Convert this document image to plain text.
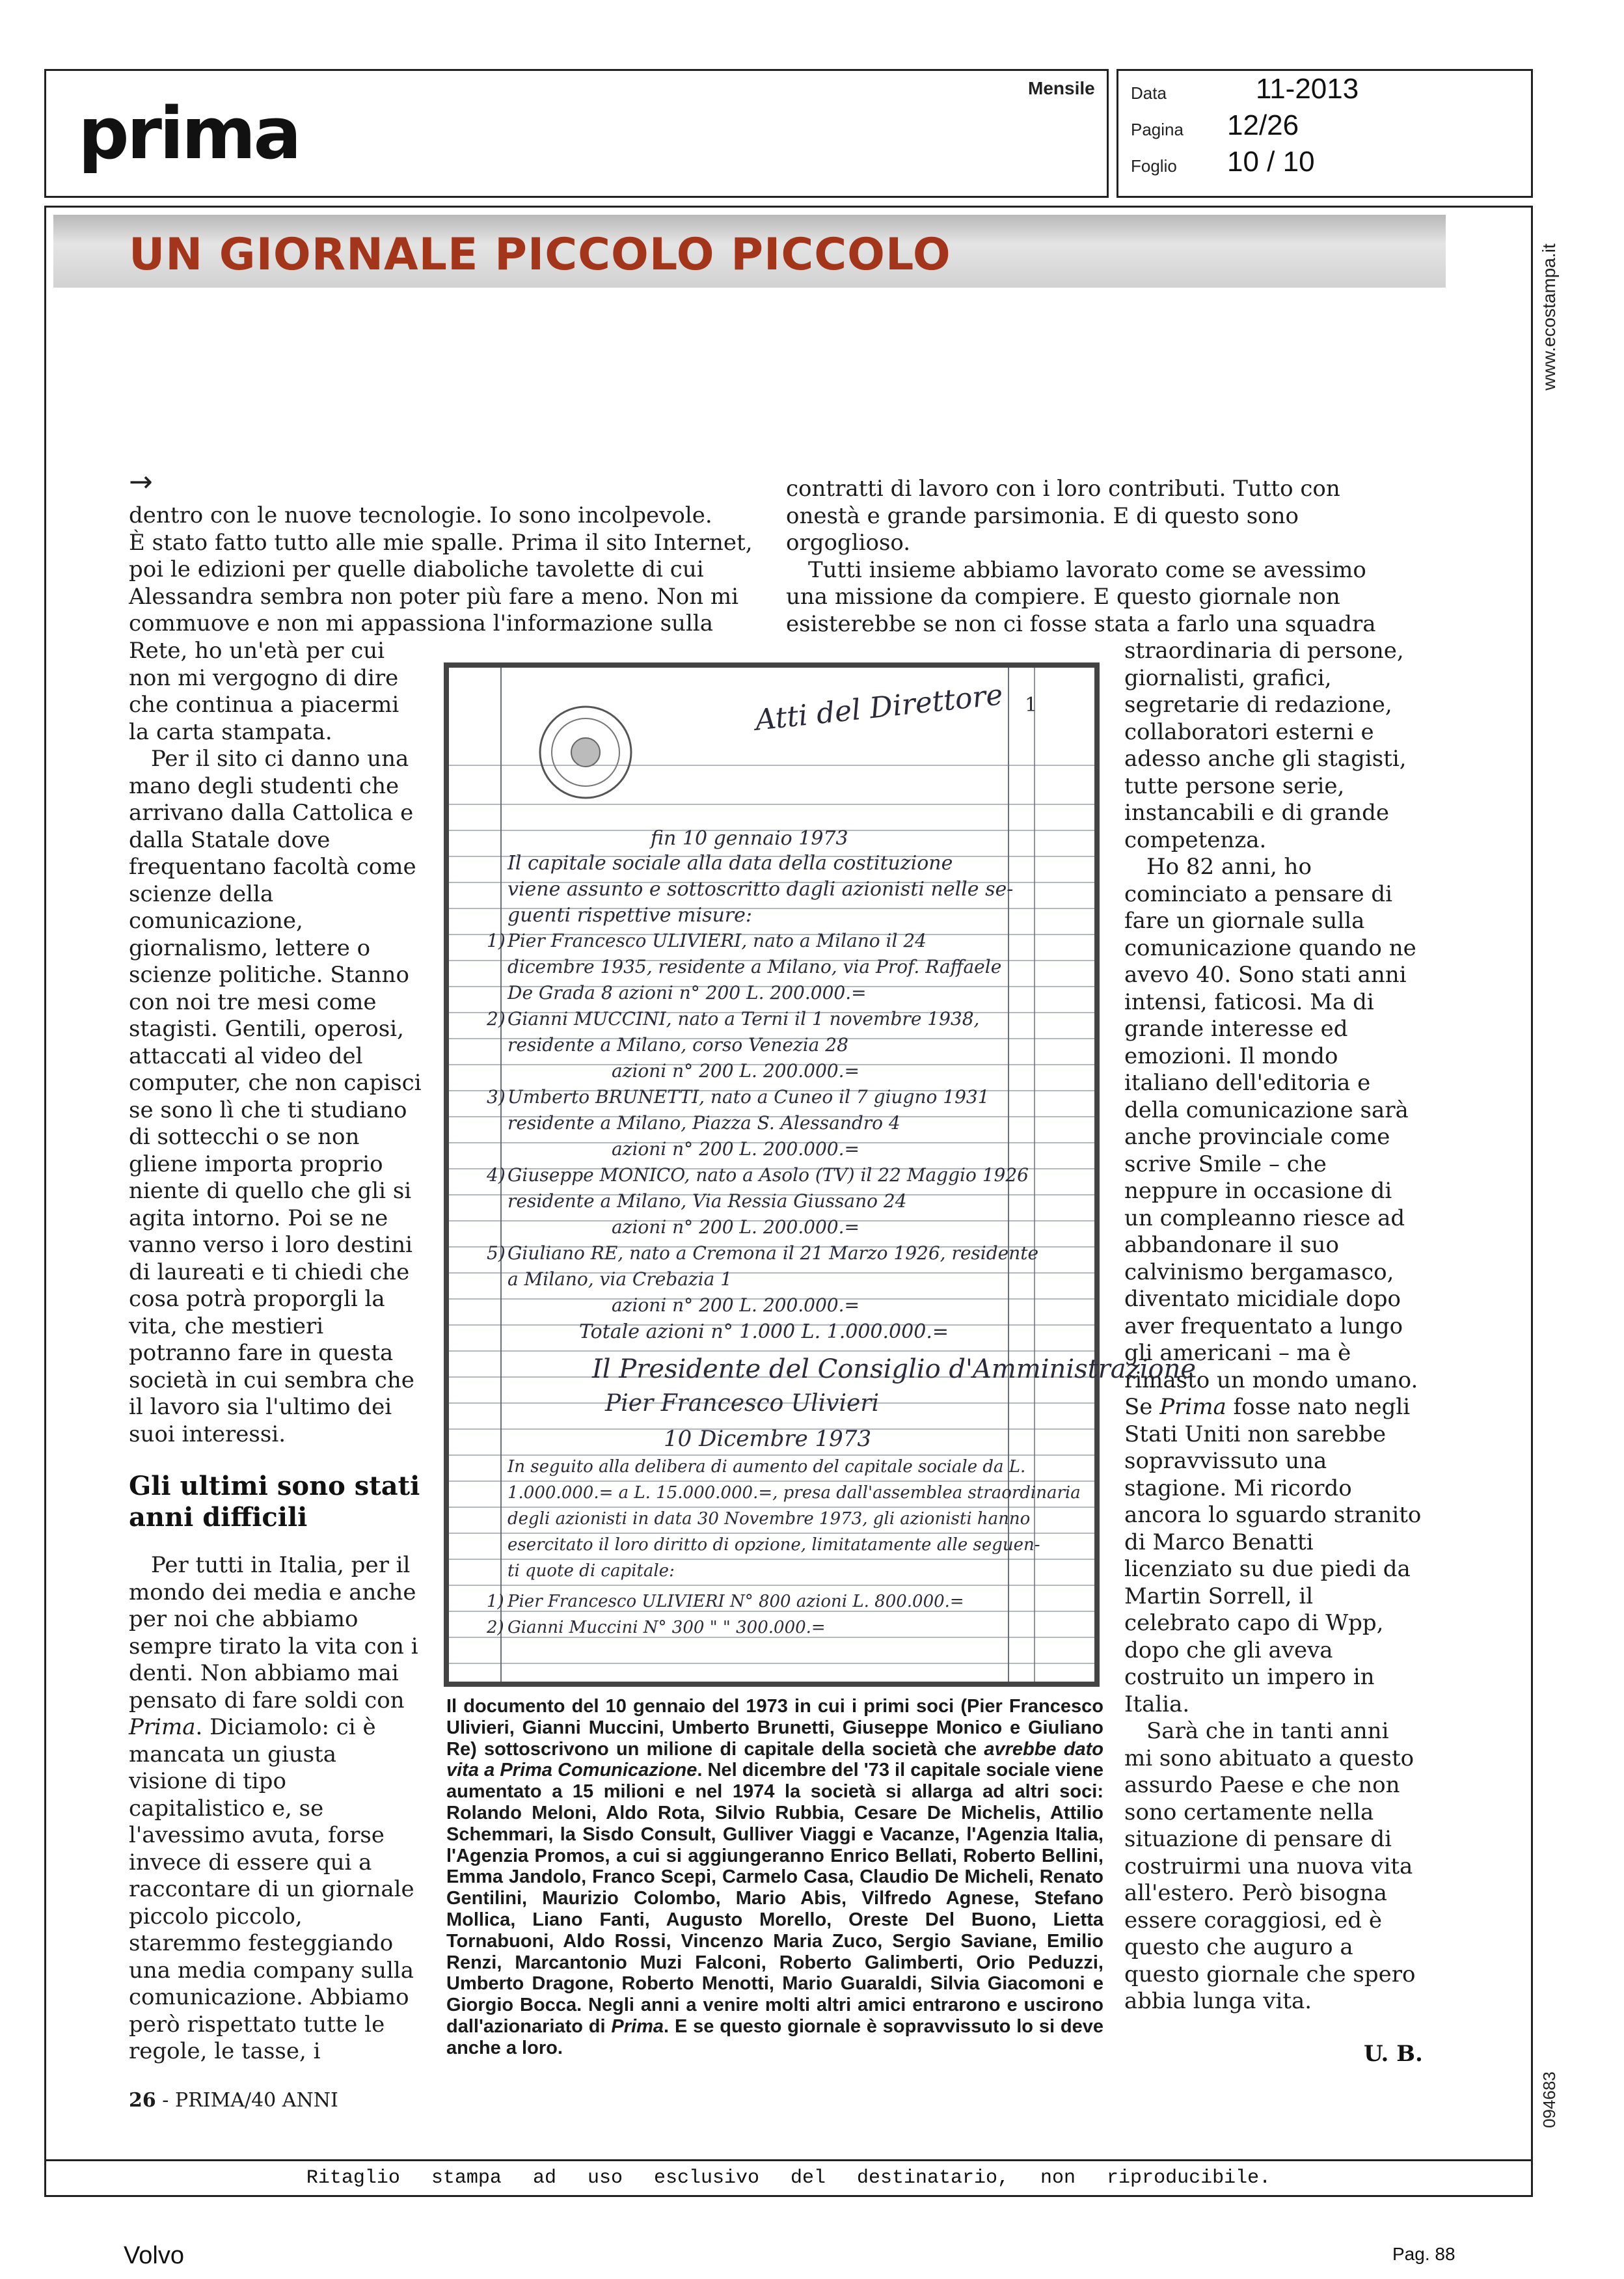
prima
Mensile Data	11-2013
Pagina 12/26
Foglio 10 / 10
Ritaglio stampa ad uso esclusivo del destinatario, non riproducibile.
www.ecostampa.it
094683
UN GIORNALE PICCOLO PICCOLO
→

dentro con le nuove tecnologie. Io sono incolpevole.

È stato fatto tutto alle mie spalle. Prima il sito Internet,

poi le edizioni per quelle diaboliche tavolette di cui

Alessandra sembra non poter più fare a meno. Non mi

commuove e non mi appassiona l'informazione sulla

Rete, ho un'età per cui non mi vergogno di dire che continua a piacermi la carta stampata.

Per il sito ci danno una mano degli studenti che arrivano dalla Cattolica e dalla Statale dove frequentano facoltà come scienze della comunicazione, giornalismo, lettere o scienze politiche. Stanno con noi tre mesi come stagisti. Gentili, operosi, attaccati al video del computer, che non capisci se sono lì che ti studiano di sottecchi o se non gliene importa proprio niente di quello che gli si agita intorno. Poi se ne vanno verso i loro destini di laureati e ti chiedi che cosa potrà proporgli la vita, che mestieri potranno fare in questa società in cui sembra che il lavoro sia l'ultimo dei suoi interessi.

Gli ultimi sono stati anni difficili

Per tutti in Italia, per il mondo dei media e anche per noi che abbiamo sempre tirato la vita con i denti. Non abbiamo mai pensato di fare soldi con Prima. Diciamolo: ci è mancata un giusta visione di tipo capitalistico e, se l'avessimo avuta, forse invece di essere qui a raccontare di un giornale piccolo piccolo, staremmo festeggiando una media company sulla comunicazione. Abbiamo però rispettato tutte le regole, le tasse, i

26 - PRIMA/40 ANNI

contratti di lavoro con i loro contributi. Tutto con

onestà e grande parsimonia. E di questo sono

orgoglioso.

Tutti insieme abbiamo lavorato come se avessimo

una missione da compiere. E questo giornale non

esisterebbe se non ci fosse stata a farlo una squadra

straordinaria di persone, giornalisti, grafici, segretarie di redazione, collaboratori esterni e adesso anche gli stagisti, tutte persone serie, instancabili e di grande competenza.

Ho 82 anni, ho cominciato a pensare di fare un giornale sulla comunicazione quando ne avevo 40. Sono stati anni intensi, faticosi. Ma di grande interesse ed emozioni. Il mondo italiano dell'editoria e della comunicazione sarà anche provinciale come scrive Smile – che neppure in occasione di un compleanno riesce ad abbandonare il suo calvinismo bergamasco, diventato micidiale dopo aver frequentato a lungo gli americani – ma è rimasto un mondo umano. Se Prima fosse nato negli Stati Uniti non sarebbe sopravvissuto una stagione. Mi ricordo ancora lo sguardo stranito di Marco Benatti licenziato su due piedi da Martin Sorrell, il celebrato capo di Wpp, dopo che gli aveva costruito un impero in Italia.

Sarà che in tanti anni mi sono abituato a questo assurdo Paese e che non sono certamente nella situazione di pensare di costruirmi una nuova vita all'estero. Però bisogna essere coraggiosi, ed è questo che auguro a questo giornale che spero abbia lunga vita.

U. B.
Atti del Direttore 1
fin 10 gennaio 1973
Il capitale sociale alla data della costituzione
viene assunto e sottoscritto dagli azionisti nelle se-
guenti rispettive misure:
1) Pier Francesco ULIVIERI, nato a Milano il 24
dicembre 1935, residente a Milano, via Prof. Raffaele
De Grada 8 azioni n° 200 L. 200.000.=
2) Gianni MUCCINI, nato a Terni il 1 novembre 1938,
residente a Milano, corso Venezia 28
azioni n° 200 L. 200.000.=
3) Umberto BRUNETTI, nato a Cuneo il 7 giugno 1931
residente a Milano, Piazza S. Alessandro 4
azioni n° 200 L. 200.000.=
4) Giuseppe MONICO, nato a Asolo (TV) il 22 Maggio 1926
residente a Milano, Via Ressia Giussano 24
azioni n° 200 L. 200.000.=
5) Giuliano RE, nato a Cremona il 21 Marzo 1926, residente
a Milano, via Crebazia 1
azioni n° 200 L. 200.000.=
Totale azioni n° 1.000 L. 1.000.000.=
Il Presidente del Consiglio d'Amministrazione
Pier Francesco Ulivieri
10 Dicembre 1973
In seguito alla delibera di aumento del capitale sociale da L.
1.000.000.= a L. 15.000.000.=, presa dall'assemblea straordinaria
degli azionisti in data 30 Novembre 1973, gli azionisti hanno
esercitato il loro diritto di opzione, limitatamente alle seguen-
ti quote di capitale:
1) Pier Francesco ULIVIERI N° 800 azioni L. 800.000.=
2) Gianni Muccini N° 300 " " 300.000.=
Il documento del 10 gennaio del 1973 in cui i primi soci (Pier Francesco Ulivieri, Gianni Muccini, Umberto Brunetti, Giuseppe Monico e Giuliano Re) sottoscrivono un milione di capitale della società che avrebbe dato vita a Prima Comunicazione. Nel dicembre del '73 il capitale sociale viene aumentato a 15 milioni e nel 1974 la società si allarga ad altri soci: Rolando Meloni, Aldo Rota, Silvio Rubbia, Cesare De Michelis, Attilio Schemmari, la Sisdo Consult, Gulliver Viaggi e Vacanze, l'Agenzia Italia, l'Agenzia Promos, a cui si aggiungeranno Enrico Bellati, Roberto Bellini, Emma Jandolo, Franco Scepi, Carmelo Casa, Claudio De Micheli, Renato Gentilini, Maurizio Colombo, Mario Abis, Vilfredo Agnese, Stefano Mollica, Liano Fanti, Augusto Morello, Oreste Del Buono, Lietta Tornabuoni, Aldo Rossi, Vincenzo Maria Zuco, Sergio Saviane, Emilio Renzi, Marcantonio Muzi Falconi, Roberto Galimberti, Orio Peduzzi, Umberto Dragone, Roberto Menotti, Mario Guaraldi, Silvia Giacomoni e Giorgio Bocca. Negli anni a venire molti altri amici entrarono e uscirono dall'azionariato di Prima. E se questo giornale è sopravvissuto lo si deve anche a loro.
Volvo	Pag. 88
